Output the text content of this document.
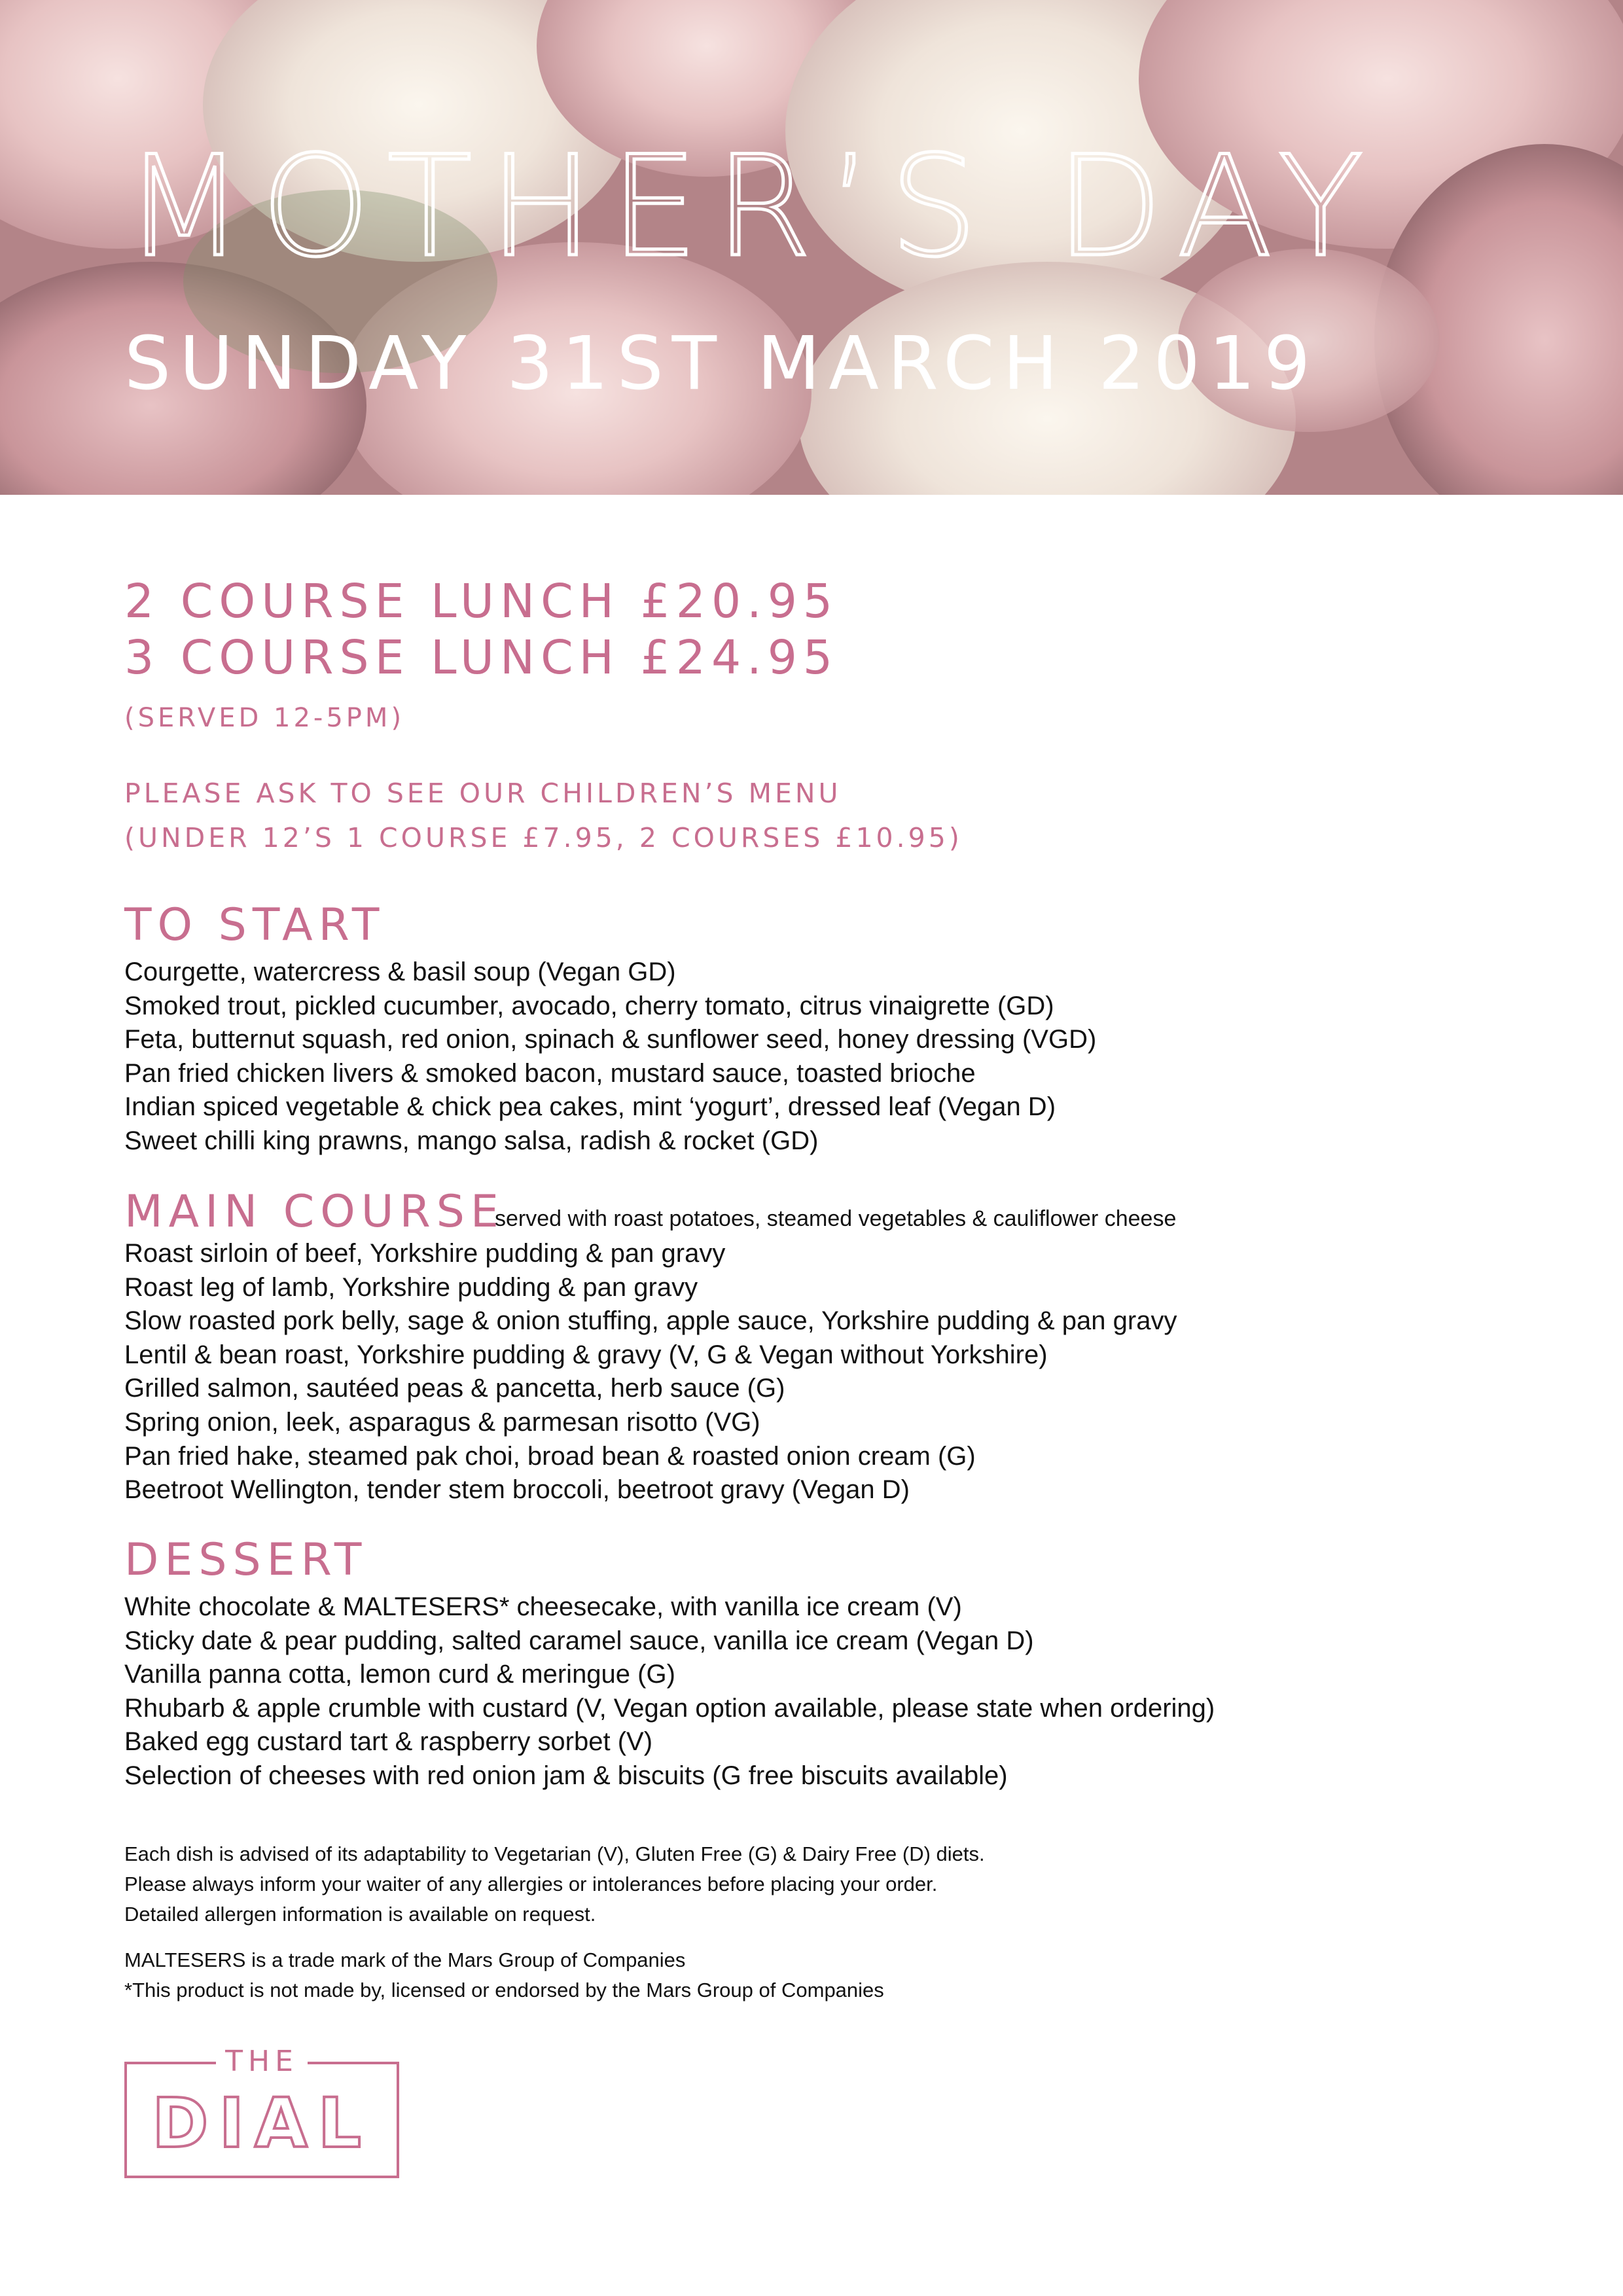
MOTHER’S DAY
SUNDAY 31ST MARCH 2019
2 COURSE LUNCH £20.95
3 COURSE LUNCH £24.95
(SERVED 12-5PM)
PLEASE ASK TO SEE OUR CHILDREN’S MENU
(UNDER 12’S 1 COURSE £7.95, 2 COURSES £10.95)
TO START
Courgette, watercress & basil soup (Vegan GD)
Smoked trout, pickled cucumber, avocado, cherry tomato, citrus vinaigrette (GD)
Feta, butternut squash, red onion, spinach & sunflower seed, honey dressing (VGD)
Pan fried chicken livers & smoked bacon, mustard sauce, toasted brioche
Indian spiced vegetable & chick pea cakes, mint ‘yogurt’, dressed leaf (Vegan D)
Sweet chilli king prawns, mango salsa, radish & rocket (GD)
MAIN COURSE
served with roast potatoes, steamed vegetables & cauliflower cheese
Roast sirloin of beef, Yorkshire pudding & pan gravy
Roast leg of lamb, Yorkshire pudding & pan gravy
Slow roasted pork belly, sage & onion stuffing, apple sauce, Yorkshire pudding & pan gravy
Lentil & bean roast, Yorkshire pudding & gravy (V, G & Vegan without Yorkshire)
Grilled salmon, sautéed peas & pancetta, herb sauce (G)
Spring onion, leek, asparagus & parmesan risotto (VG)
Pan fried hake, steamed pak choi, broad bean & roasted onion cream (G)
Beetroot Wellington, tender stem broccoli, beetroot gravy (Vegan D)
DESSERT
White chocolate & MALTESERS* cheesecake, with vanilla ice cream (V)
Sticky date & pear pudding, salted caramel sauce, vanilla ice cream (Vegan D)
Vanilla panna cotta, lemon curd & meringue (G)
Rhubarb & apple crumble with custard (V, Vegan option available, please state when ordering)
Baked egg custard tart & raspberry sorbet (V)
Selection of cheeses with red onion jam & biscuits (G free biscuits available)
Each dish is advised of its adaptability to Vegetarian (V), Gluten Free (G) & Dairy Free (D) diets.
Please always inform your waiter of any allergies or intolerances before placing your order.
Detailed allergen information is available on request.
MALTESERS is a trade mark of the Mars Group of Companies
*This product is not made by, licensed or endorsed by the Mars Group of Companies
THE
DIAL
